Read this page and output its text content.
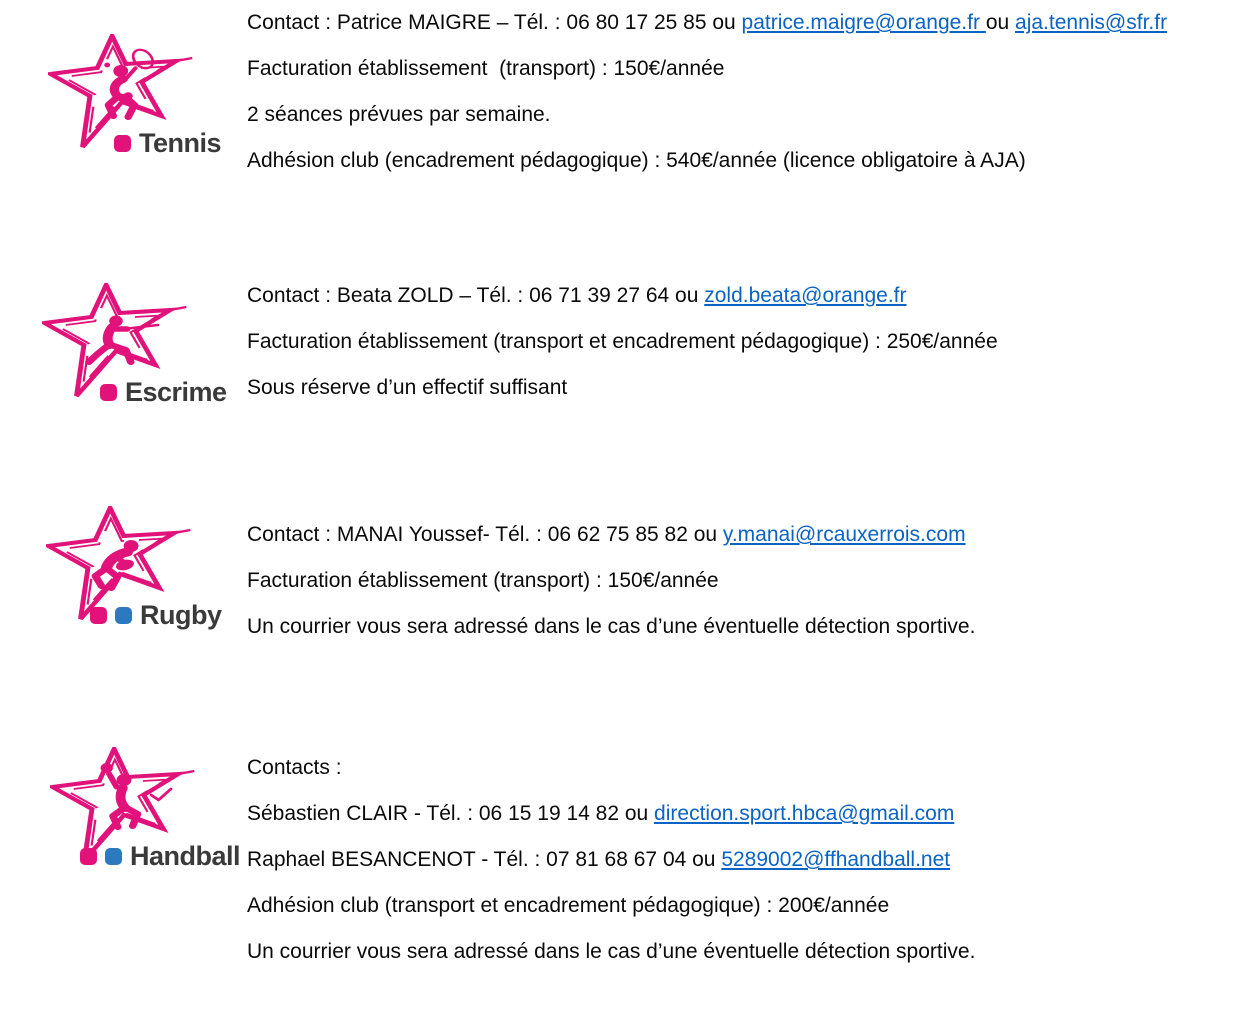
Tennis

Contact : Patrice MAIGRE – Tél. : 06 80 17 25 85 ou patrice.maigre@orange.fr ou aja.tennis@sfr.fr

Facturation établissement  (transport) : 150€/année

2 séances prévues par semaine.

Adhésion club (encadrement pédagogique) : 540€/année (licence obligatoire à AJA)

Escrime

Contact : Beata ZOLD – Tél. : 06 71 39 27 64 ou zold.beata@orange.fr

Facturation établissement (transport et encadrement pédagogique) : 250€/année

Sous réserve d’un effectif suffisant

Rugby

Contact : MANAI Youssef- Tél. : 06 62 75 85 82 ou y.manai@rcauxerrois.com

Facturation établissement (transport) : 150€/année

Un courrier vous sera adressé dans le cas d’une éventuelle détection sportive.

Handball

Contacts :

Sébastien CLAIR - Tél. : 06 15 19 14 82 ou direction.sport.hbca@gmail.com

Raphael BESANCENOT - Tél. : 07 81 68 67 04 ou 5289002@ffhandball.net

Adhésion club (transport et encadrement pédagogique) : 200€/année

Un courrier vous sera adressé dans le cas d’une éventuelle détection sportive.
